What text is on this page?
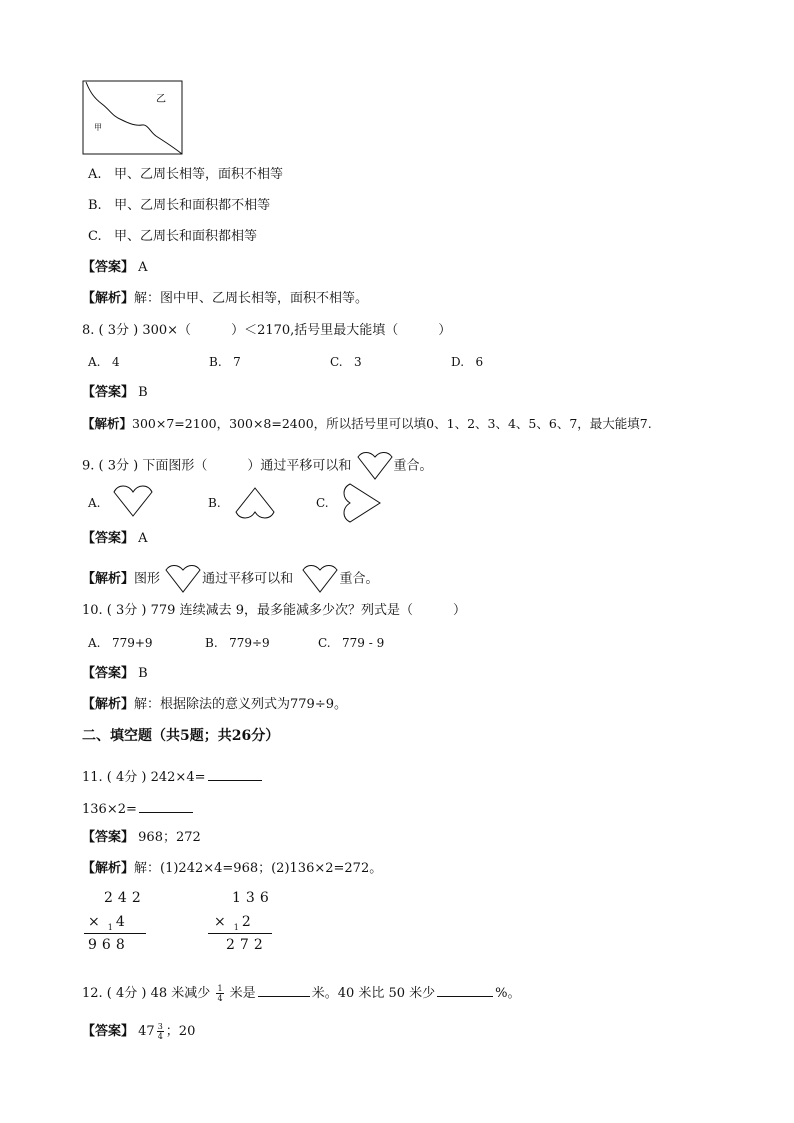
乙
甲
A. 甲、乙周长相等，面积不相等
B. 甲、乙周长和面积都不相等
C. 甲、乙周长和面积都相等
【答案】 A
【解析】解：图中甲、乙周长相等，面积不相等。
8. ( 3分 ) 300×（	）＜2170,括号里最大能填（	）
A. 4	B. 7	C. 3	D. 6
【答案】 B
【解析】300×7=2100，300×8=2400，所以括号里可以填0、1、2、3、4、5、6、7，最大能填7.
9. ( 3分 ) 下面图形（	）通过平移可以和	重合。
A.	B.	C.
【答案】 A
【解析】图形	通过平移可以和	重合。
10. ( 3分 ) 779 连续减去 9，最多能减多少次？列式是（	）
A. 779+9	B. 779÷9	C. 779 - 9
【答案】 B
【解析】解：根据除法的意义列式为779÷9。
二、填空题（共5题；共26分）
11. ( 4分 ) 242×4=
136×2=
【答案】 968；272
【解析】解：(1)242×4=968；(2)136×2=272。
242
× $_1$ 4
968
136
× $_1$ 2
272
12. ( 4分 ) 48 米减少 $\frac{1}{4}$ 米是	米。40 米比 50 米少	%。
【答案】 $47 \frac{3}{4}$ ；20
